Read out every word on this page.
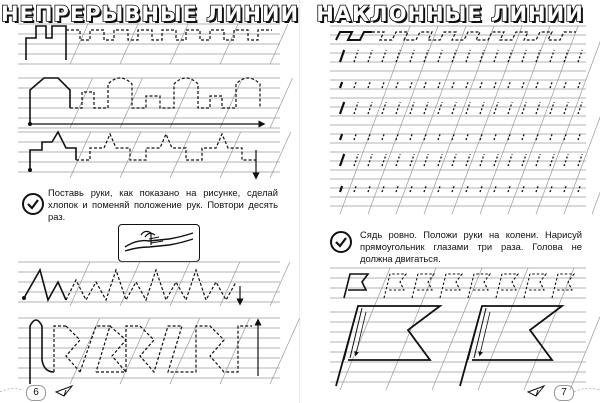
НЕПРЕРЫВНЫЕ ЛИНИИ
Поставь руки, как показано на рисунке, сделай хлопок и поменяй положение рук. Повтори десять раз.
6
НАКЛОННЫЕ ЛИНИИ
Сядь ровно. Положи руки на колени. Нарисуй прямоугольник глазами три раза. Голова не должна двигаться.
7
